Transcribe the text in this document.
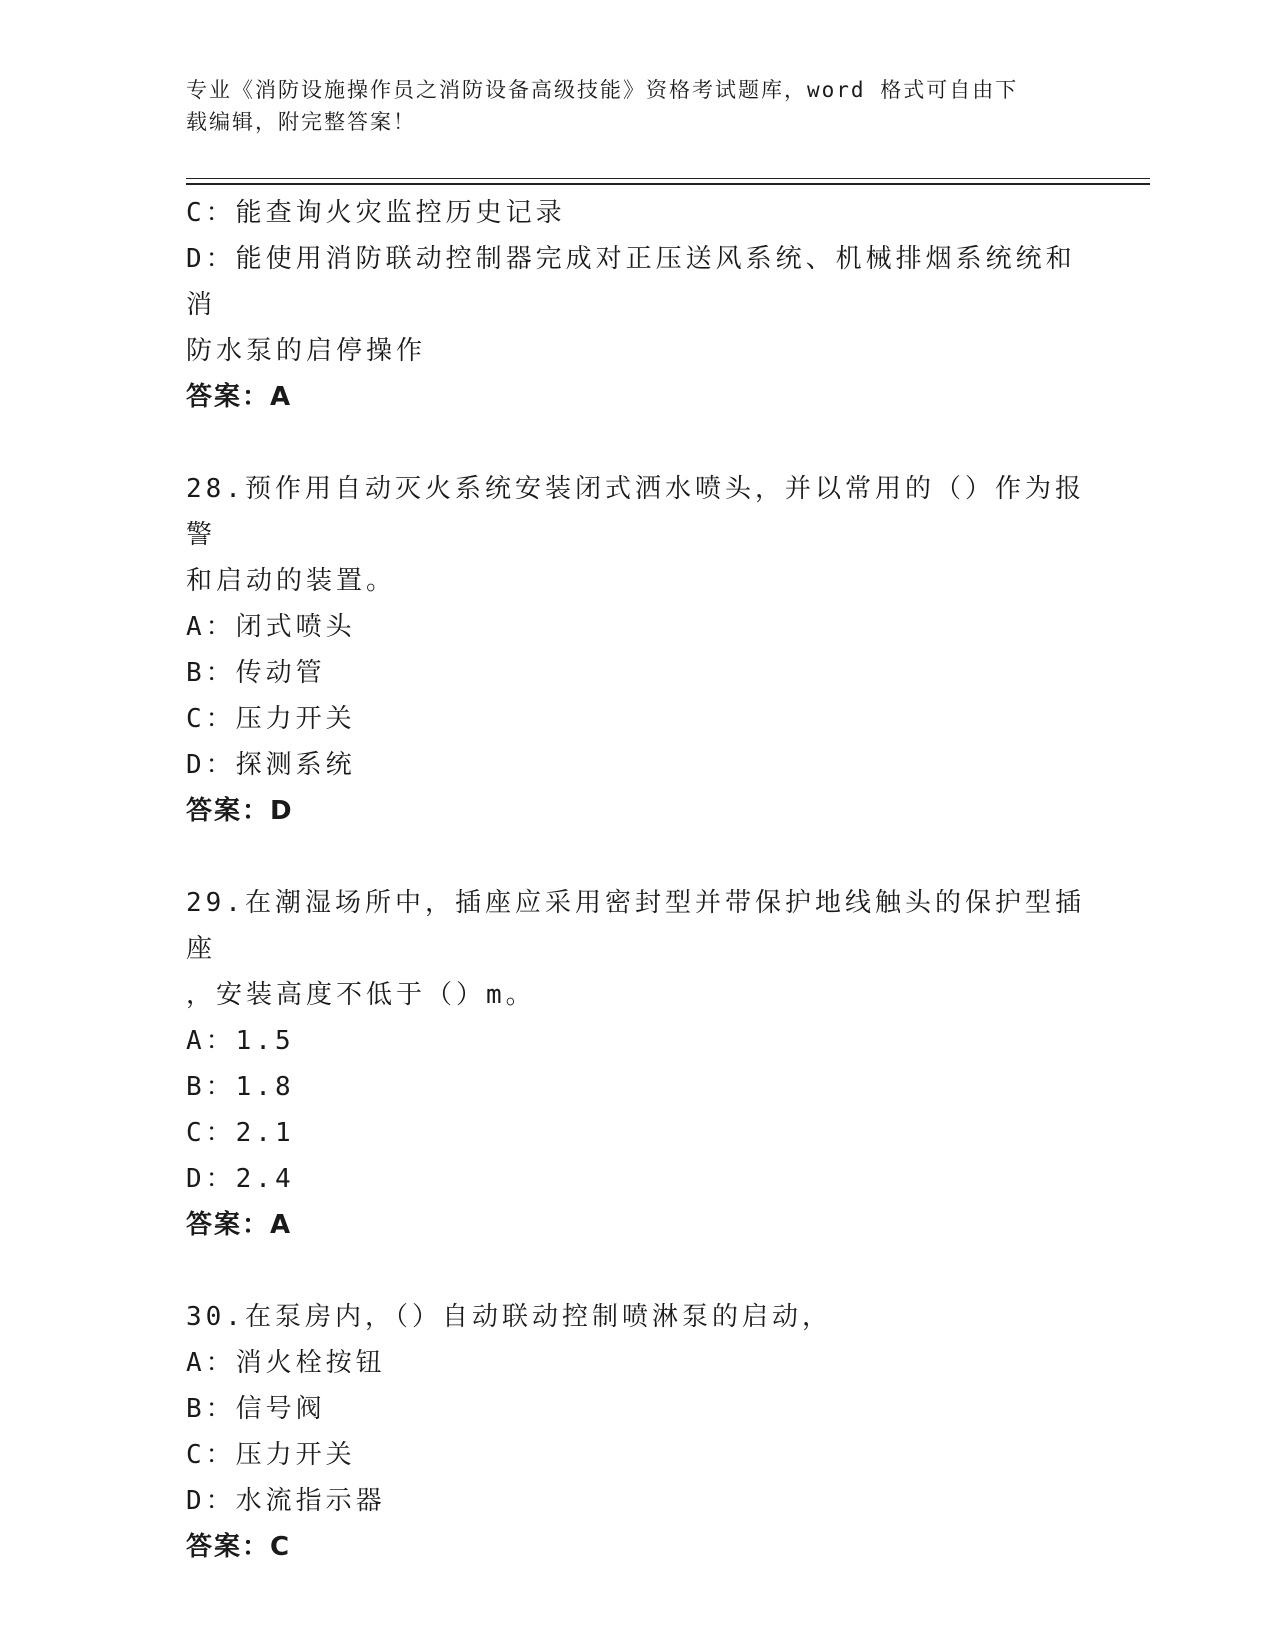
专业《消防设施操作员之消防设备高级技能》资格考试题库，word 格式可自由下
载编辑，附完整答案！
C：能查询火灾监控历史记录
D：能使用消防联动控制器完成对正压送风系统、机械排烟系统统和消
防水泵的启停操作
答案：A
28.预作用自动灭火系统安装闭式洒水喷头，并以常用的（）作为报警
和启动的装置。
A：闭式喷头
B：传动管
C：压力开关
D：探测系统
答案：D
29.在潮湿场所中，插座应采用密封型并带保护地线触头的保护型插座
，安装高度不低于（）m。
A：1.5
B：1.8
C：2.1
D：2.4
答案：A
30.在泵房内，（）自动联动控制喷淋泵的启动，
A：消火栓按钮
B：信号阀
C：压力开关
D：水流指示器
答案：C
